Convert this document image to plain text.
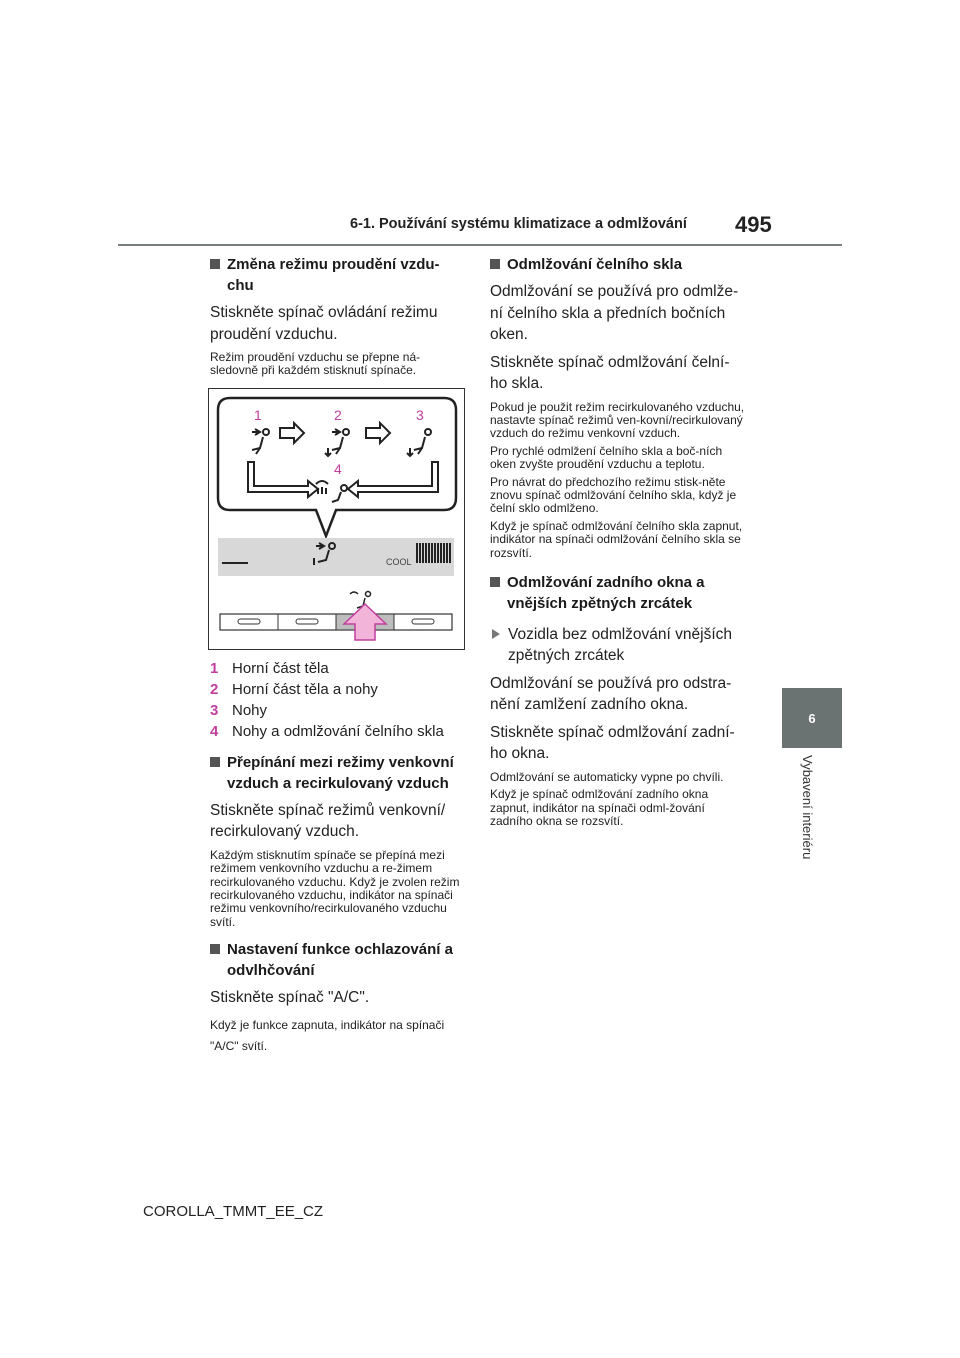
6-1. Používání systému klimatizace a odmlžování 495
6
Vybavení interiéru
Změna režimu proudění vzdu-chu
Stiskněte spínač ovládání režimu proudění vzduchu.
Režim proudění vzduchu se přepne ná-sledovně při každém stisknutí spínače.
1	2	3
4
COOL
1 Horní část těla
2 Horní část těla a nohy
3 Nohy
4 Nohy a odmlžování čelního skla
Přepínání mezi režimy venkovní vzduch a recirkulovaný vzduch
Stiskněte spínač režimů venkovní/ recirkulovaný vzduch.
Každým stisknutím spínače se přepíná mezi režimem venkovního vzduchu a re-žimem recirkulovaného vzduchu. Když je zvolen režim recirkulovaného vzduchu, indikátor na spínači režimu venkovního/recirkulovaného vzduchu svítí.
Nastavení funkce ochlazování a odvlhčování
Stiskněte spínač "A/C".
Když je funkce zapnuta, indikátor na spínači "A/C" svítí.
Odmlžování čelního skla
Odmlžování se používá pro odmlže-ní čelního skla a předních bočních oken.
Stiskněte spínač odmlžování čelní-ho skla.

Pokud je použit režim recirkulovaného vzduchu, nastavte spínač režimů ven-kovní/recirkulovaný vzduch do režimu venkovní vzduch.

Pro rychlé odmlžení čelního skla a boč-ních oken zvyšte proudění vzduchu a teplotu.

Pro návrat do předchozího režimu stisk-něte znovu spínač odmlžování čelního skla, když je čelní sklo odmlženo.

Když je spínač odmlžování čelního skla zapnut, indikátor na spínači odmlžování čelního skla se rozsvítí.

Odmlžování zadního okna a vnějších zpětných zrcátek
Vozidla bez odmlžování vnějších zpětných zrcátek
Odmlžování se používá pro odstra-nění zamlžení zadního okna.
Stiskněte spínač odmlžování zadní-ho okna.

Odmlžování se automaticky vypne po chvíli.

Když je spínač odmlžování zadního okna zapnut, indikátor na spínači odml-žování zadního okna se rozsvítí.

COROLLA_TMMT_EE_CZ
